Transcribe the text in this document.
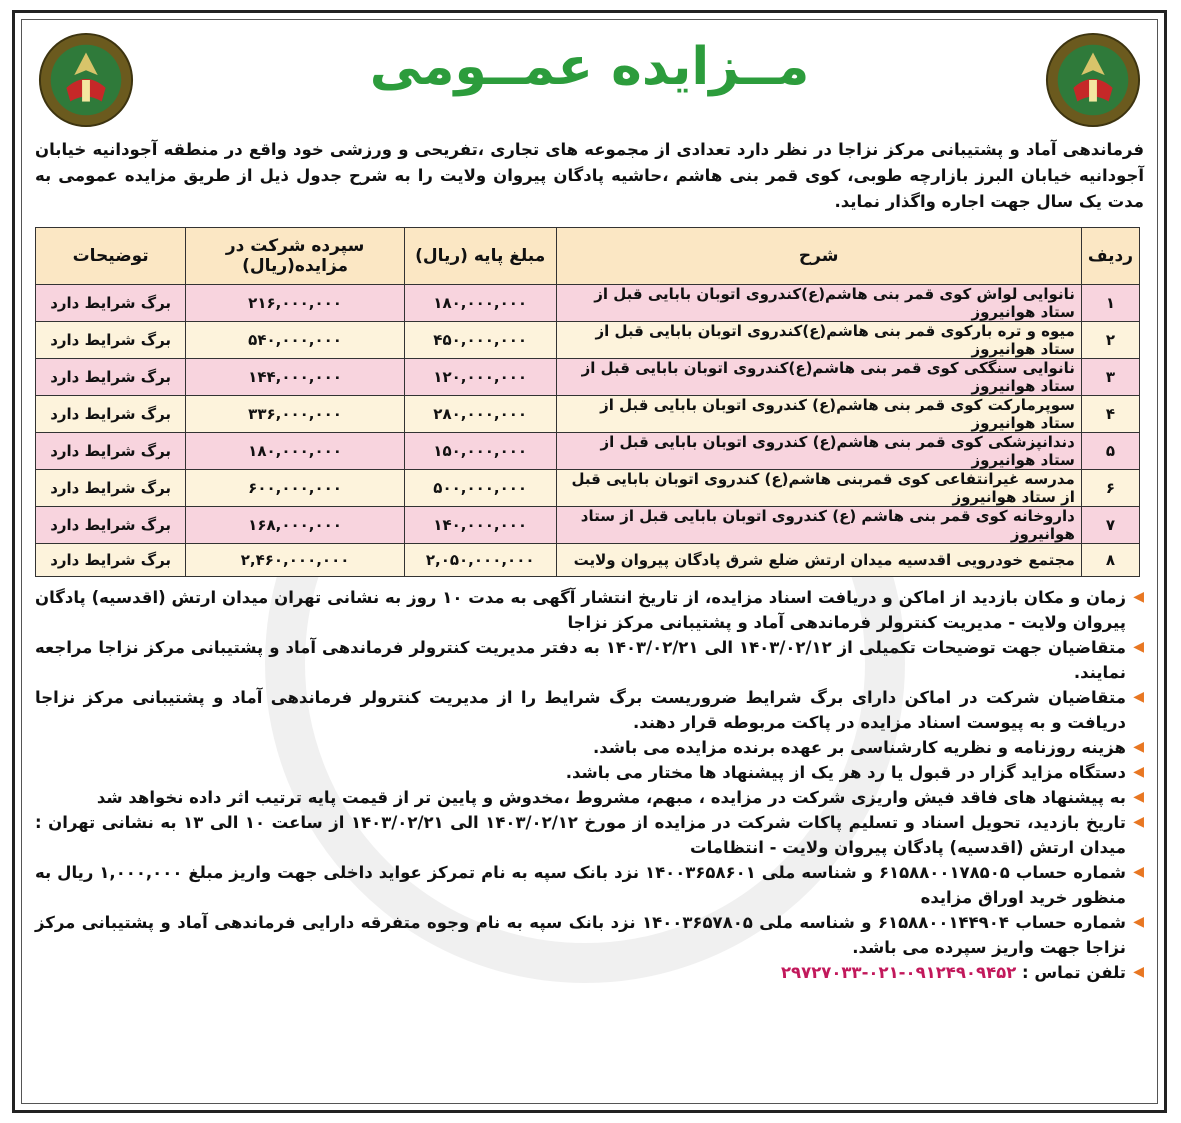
مــزایده عمــومی
فرماندهی آماد و پشتیبانی مرکز نزاجا در نظر دارد تعدادی از مجموعه های تجاری ،تفریحی و ورزشی خود واقع در منطقه آجودانیه خیابان آجودانیه خیابان البرز بازارچه طوبی، کوی قمر بنی هاشم ،حاشیه پادگان پیروان ولایت را به شرح جدول ذیل از طریق مزایده عمومی به مدت یک سال جهت اجاره واگذار نماید.
ردیف	شرح	مبلغ پایه (ریال)	سپرده شرکت در مزایده(ریال)	توضیحات
۱	نانوایی لواش کوی قمر بنی هاشم(ع)کندروی اتوبان بابایی قبل از ستاد هوانیروز	۱۸۰,۰۰۰,۰۰۰	۲۱۶,۰۰۰,۰۰۰	برگ شرایط دارد
۲	میوه و تره بارکوی قمر بنی هاشم(ع)کندروی اتوبان بابایی قبل از ستاد هوانیروز	۴۵۰,۰۰۰,۰۰۰	۵۴۰,۰۰۰,۰۰۰	برگ شرایط دارد
۳	نانوایی سنگکی کوی قمر بنی هاشم(ع)کندروی اتوبان بابایی قبل از ستاد هوانیروز	۱۲۰,۰۰۰,۰۰۰	۱۴۴,۰۰۰,۰۰۰	برگ شرایط دارد
۴	سوپرمارکت کوی قمر بنی هاشم(ع) کندروی اتوبان بابایی قبل از ستاد هوانیروز	۲۸۰,۰۰۰,۰۰۰	۳۳۶,۰۰۰,۰۰۰	برگ شرایط دارد
۵	دندانپزشکی کوی قمر بنی هاشم(ع) کندروی اتوبان بابایی قبل از ستاد هوانیروز	۱۵۰,۰۰۰,۰۰۰	۱۸۰,۰۰۰,۰۰۰	برگ شرایط دارد
۶	مدرسه غیرانتفاعی کوی قمربنی هاشم(ع) کندروی اتوبان بابایی قبل از ستاد هوانیروز	۵۰۰,۰۰۰,۰۰۰	۶۰۰,۰۰۰,۰۰۰	برگ شرایط دارد
۷	داروخانه کوی قمر بنی هاشم (ع) کندروی اتوبان بابایی قبل از ستاد هوانیروز	۱۴۰,۰۰۰,۰۰۰	۱۶۸,۰۰۰,۰۰۰	برگ شرایط دارد
۸	مجتمع خودرویی اقدسیه میدان ارتش ضلع شرق پادگان پیروان ولایت	۲,۰۵۰,۰۰۰,۰۰۰	۲,۴۶۰,۰۰۰,۰۰۰	برگ شرایط دارد
◀
زمان و مکان بازدید از اماکن و دریافت اسناد مزایده، از تاریخ انتشار آگهی به مدت ۱۰ روز به نشانی تهران میدان ارتش (اقدسیه) پادگان پیروان ولایت - مدیریت کنترولر فرماندهی آماد و پشتیبانی مرکز نزاجا
◀
متقاضیان جهت توضیحات تکمیلی از ۱۴۰۳/۰۲/۱۲ الی ۱۴۰۳/۰۲/۲۱ به دفتر مدیریت کنترولر فرماندهی آماد و پشتیبانی مرکز نزاجا مراجعه نمایند.
◀
متقاضیان شرکت در اماکن دارای برگ شرایط ضروریست برگ شرایط را از مدیریت کنترولر فرماندهی آماد و پشتیبانی مرکز نزاجا دریافت و به پیوست اسناد مزایده در پاکت مربوطه قرار دهند.
◀
هزینه روزنامه و نظریه کارشناسی بر عهده برنده مزایده می باشد.
◀
دستگاه مزاید گزار در قبول یا رد هر یک از پیشنهاد ها مختار می باشد.
◀
به پیشنهاد های فاقد فیش واریزی شرکت در مزایده ، مبهم، مشروط ،مخدوش و پایین تر از قیمت پایه ترتیب اثر داده نخواهد شد
◀
تاریخ بازدید، تحویل اسناد و تسلیم پاکات شرکت در مزایده از مورخ ۱۴۰۳/۰۲/۱۲ الی ۱۴۰۳/۰۲/۲۱ از ساعت ۱۰ الی ۱۳ به نشانی تهران : میدان ارتش (اقدسیه) پادگان پیروان ولایت - انتظامات
◀
شماره حساب ۶۱۵۸۸۰۰۱۷۸۵۰۵ و شناسه ملی ۱۴۰۰۳۶۵۸۶۰۱ نزد بانک سپه به نام تمرکز عواید داخلی جهت واریز مبلغ ۱,۰۰۰,۰۰۰ ریال به منظور خرید اوراق مزایده
◀
شماره حساب ۶۱۵۸۸۰۰۱۴۴۹۰۴ و شناسه ملی ۱۴۰۰۳۶۵۷۸۰۵ نزد بانک سپه به نام وجوه متفرقه دارایی فرماندهی آماد و پشتیبانی مرکز نزاجا جهت واریز سپرده می باشد.
◀
تلفن تماس : ۰۹۱۲۴۹۰۹۴۵۲-۰۲۱-۲۹۷۲۷۰۳۳
